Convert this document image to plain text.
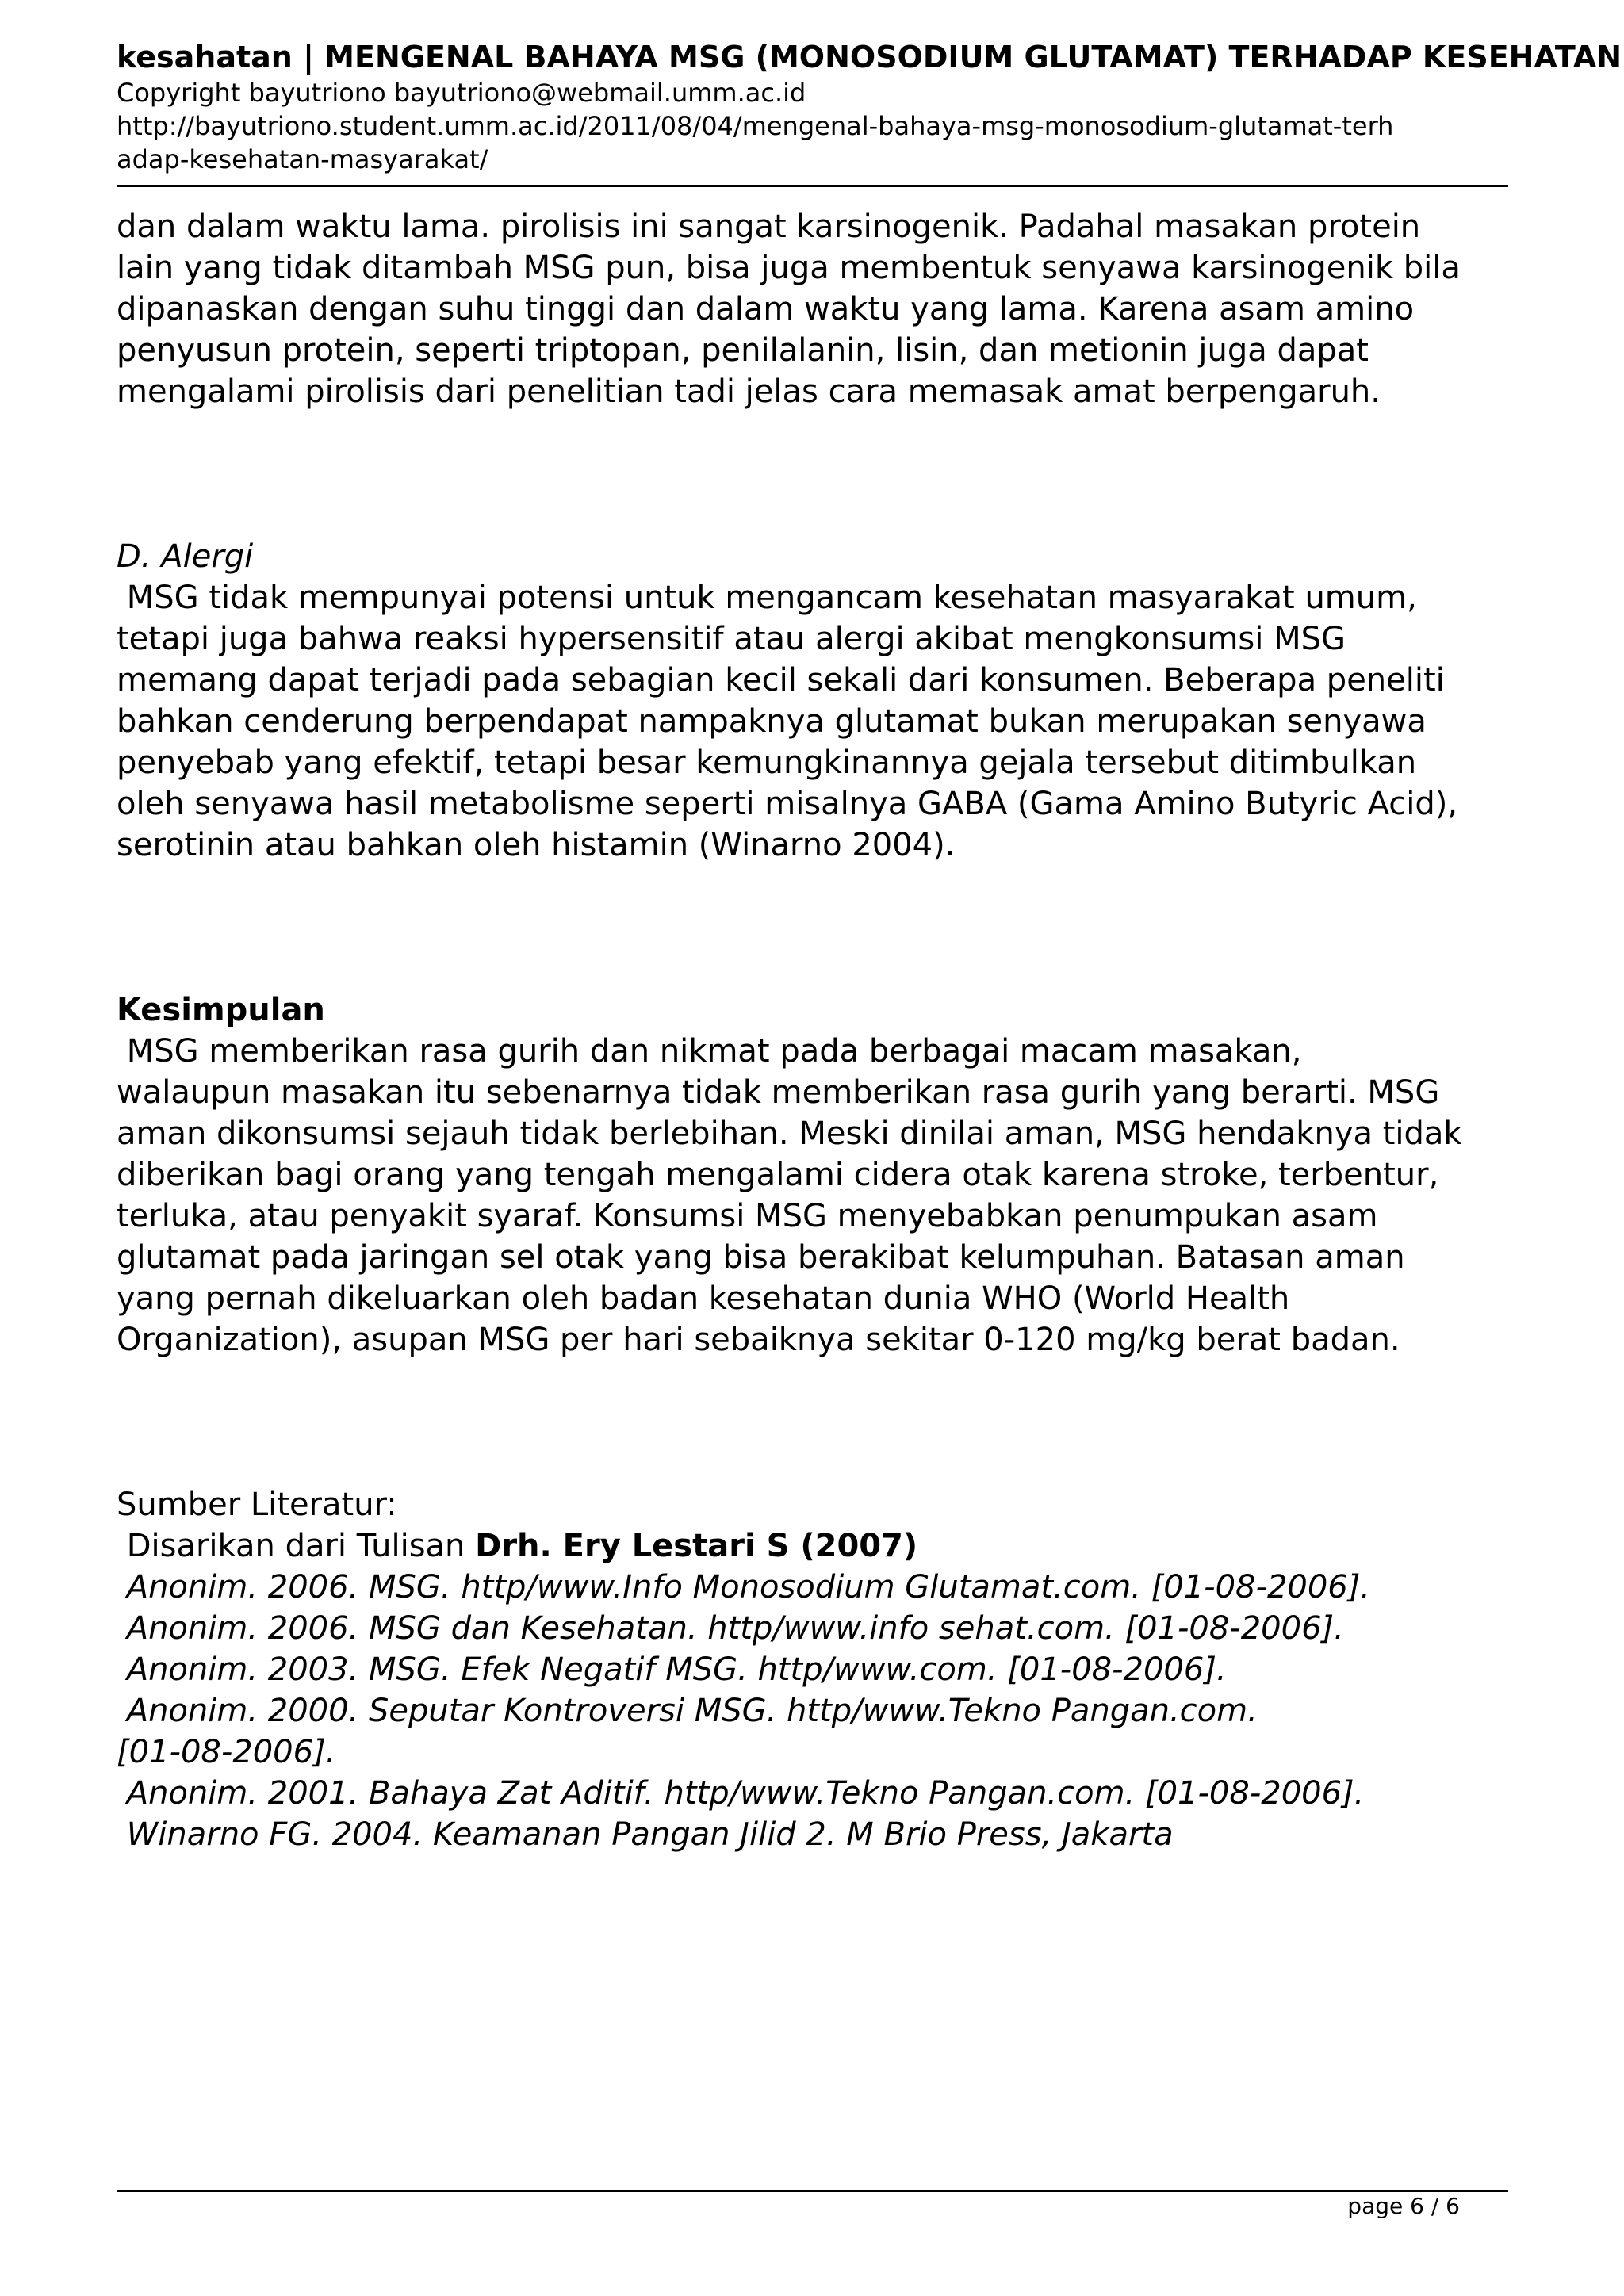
kesahatan | MENGENAL BAHAYA MSG (MONOSODIUM GLUTAMAT) TERHADAP KESEHATAN
Copyright bayutriono bayutriono@webmail.umm.ac.id
http://bayutriono.student.umm.ac.id/2011/08/04/mengenal-bahaya-msg-monosodium-glutamat-terh
adap-kesehatan-masyarakat/
dan dalam waktu lama. pirolisis ini sangat karsinogenik. Padahal masakan protein
lain yang tidak ditambah MSG pun, bisa juga membentuk senyawa karsinogenik bila
dipanaskan dengan suhu tinggi dan dalam waktu yang lama. Karena asam amino
penyusun protein, seperti triptopan, penilalanin, lisin, dan metionin juga dapat
mengalami pirolisis dari penelitian tadi jelas cara memasak amat berpengaruh.
D. Alergi
MSG tidak mempunyai potensi untuk mengancam kesehatan masyarakat umum,
tetapi juga bahwa reaksi hypersensitif atau alergi akibat mengkonsumsi MSG
memang dapat terjadi pada sebagian kecil sekali dari konsumen. Beberapa peneliti
bahkan cenderung berpendapat nampaknya glutamat bukan merupakan senyawa
penyebab yang efektif, tetapi besar kemungkinannya gejala tersebut ditimbulkan
oleh senyawa hasil metabolisme seperti misalnya GABA (Gama Amino Butyric Acid),
serotinin atau bahkan oleh histamin (Winarno 2004).
Kesimpulan
MSG memberikan rasa gurih dan nikmat pada berbagai macam masakan,
walaupun masakan itu sebenarnya tidak memberikan rasa gurih yang berarti. MSG
aman dikonsumsi sejauh tidak berlebihan. Meski dinilai aman, MSG hendaknya tidak
diberikan bagi orang yang tengah mengalami cidera otak karena stroke, terbentur,
terluka, atau penyakit syaraf. Konsumsi MSG menyebabkan penumpukan asam
glutamat pada jaringan sel otak yang bisa berakibat kelumpuhan. Batasan aman
yang pernah dikeluarkan oleh badan kesehatan dunia WHO (World Health
Organization), asupan MSG per hari sebaiknya sekitar 0-120 mg/kg berat badan.
Sumber Literatur:
Disarikan dari Tulisan Drh. Ery Lestari S (2007)
Anonim. 2006. MSG. http/www.Info Monosodium Glutamat.com. [01-08-2006].
Anonim. 2006. MSG dan Kesehatan. http/www.info sehat.com. [01-08-2006].
Anonim. 2003. MSG. Efek Negatif MSG. http/www.com. [01-08-2006].
Anonim. 2000. Seputar Kontroversi MSG. http/www.Tekno Pangan.com.
[01-08-2006].
Anonim. 2001. Bahaya Zat Aditif. http/www.Tekno Pangan.com. [01-08-2006].
Winarno FG. 2004. Keamanan Pangan Jilid 2. M Brio Press, Jakarta
page 6 / 6
